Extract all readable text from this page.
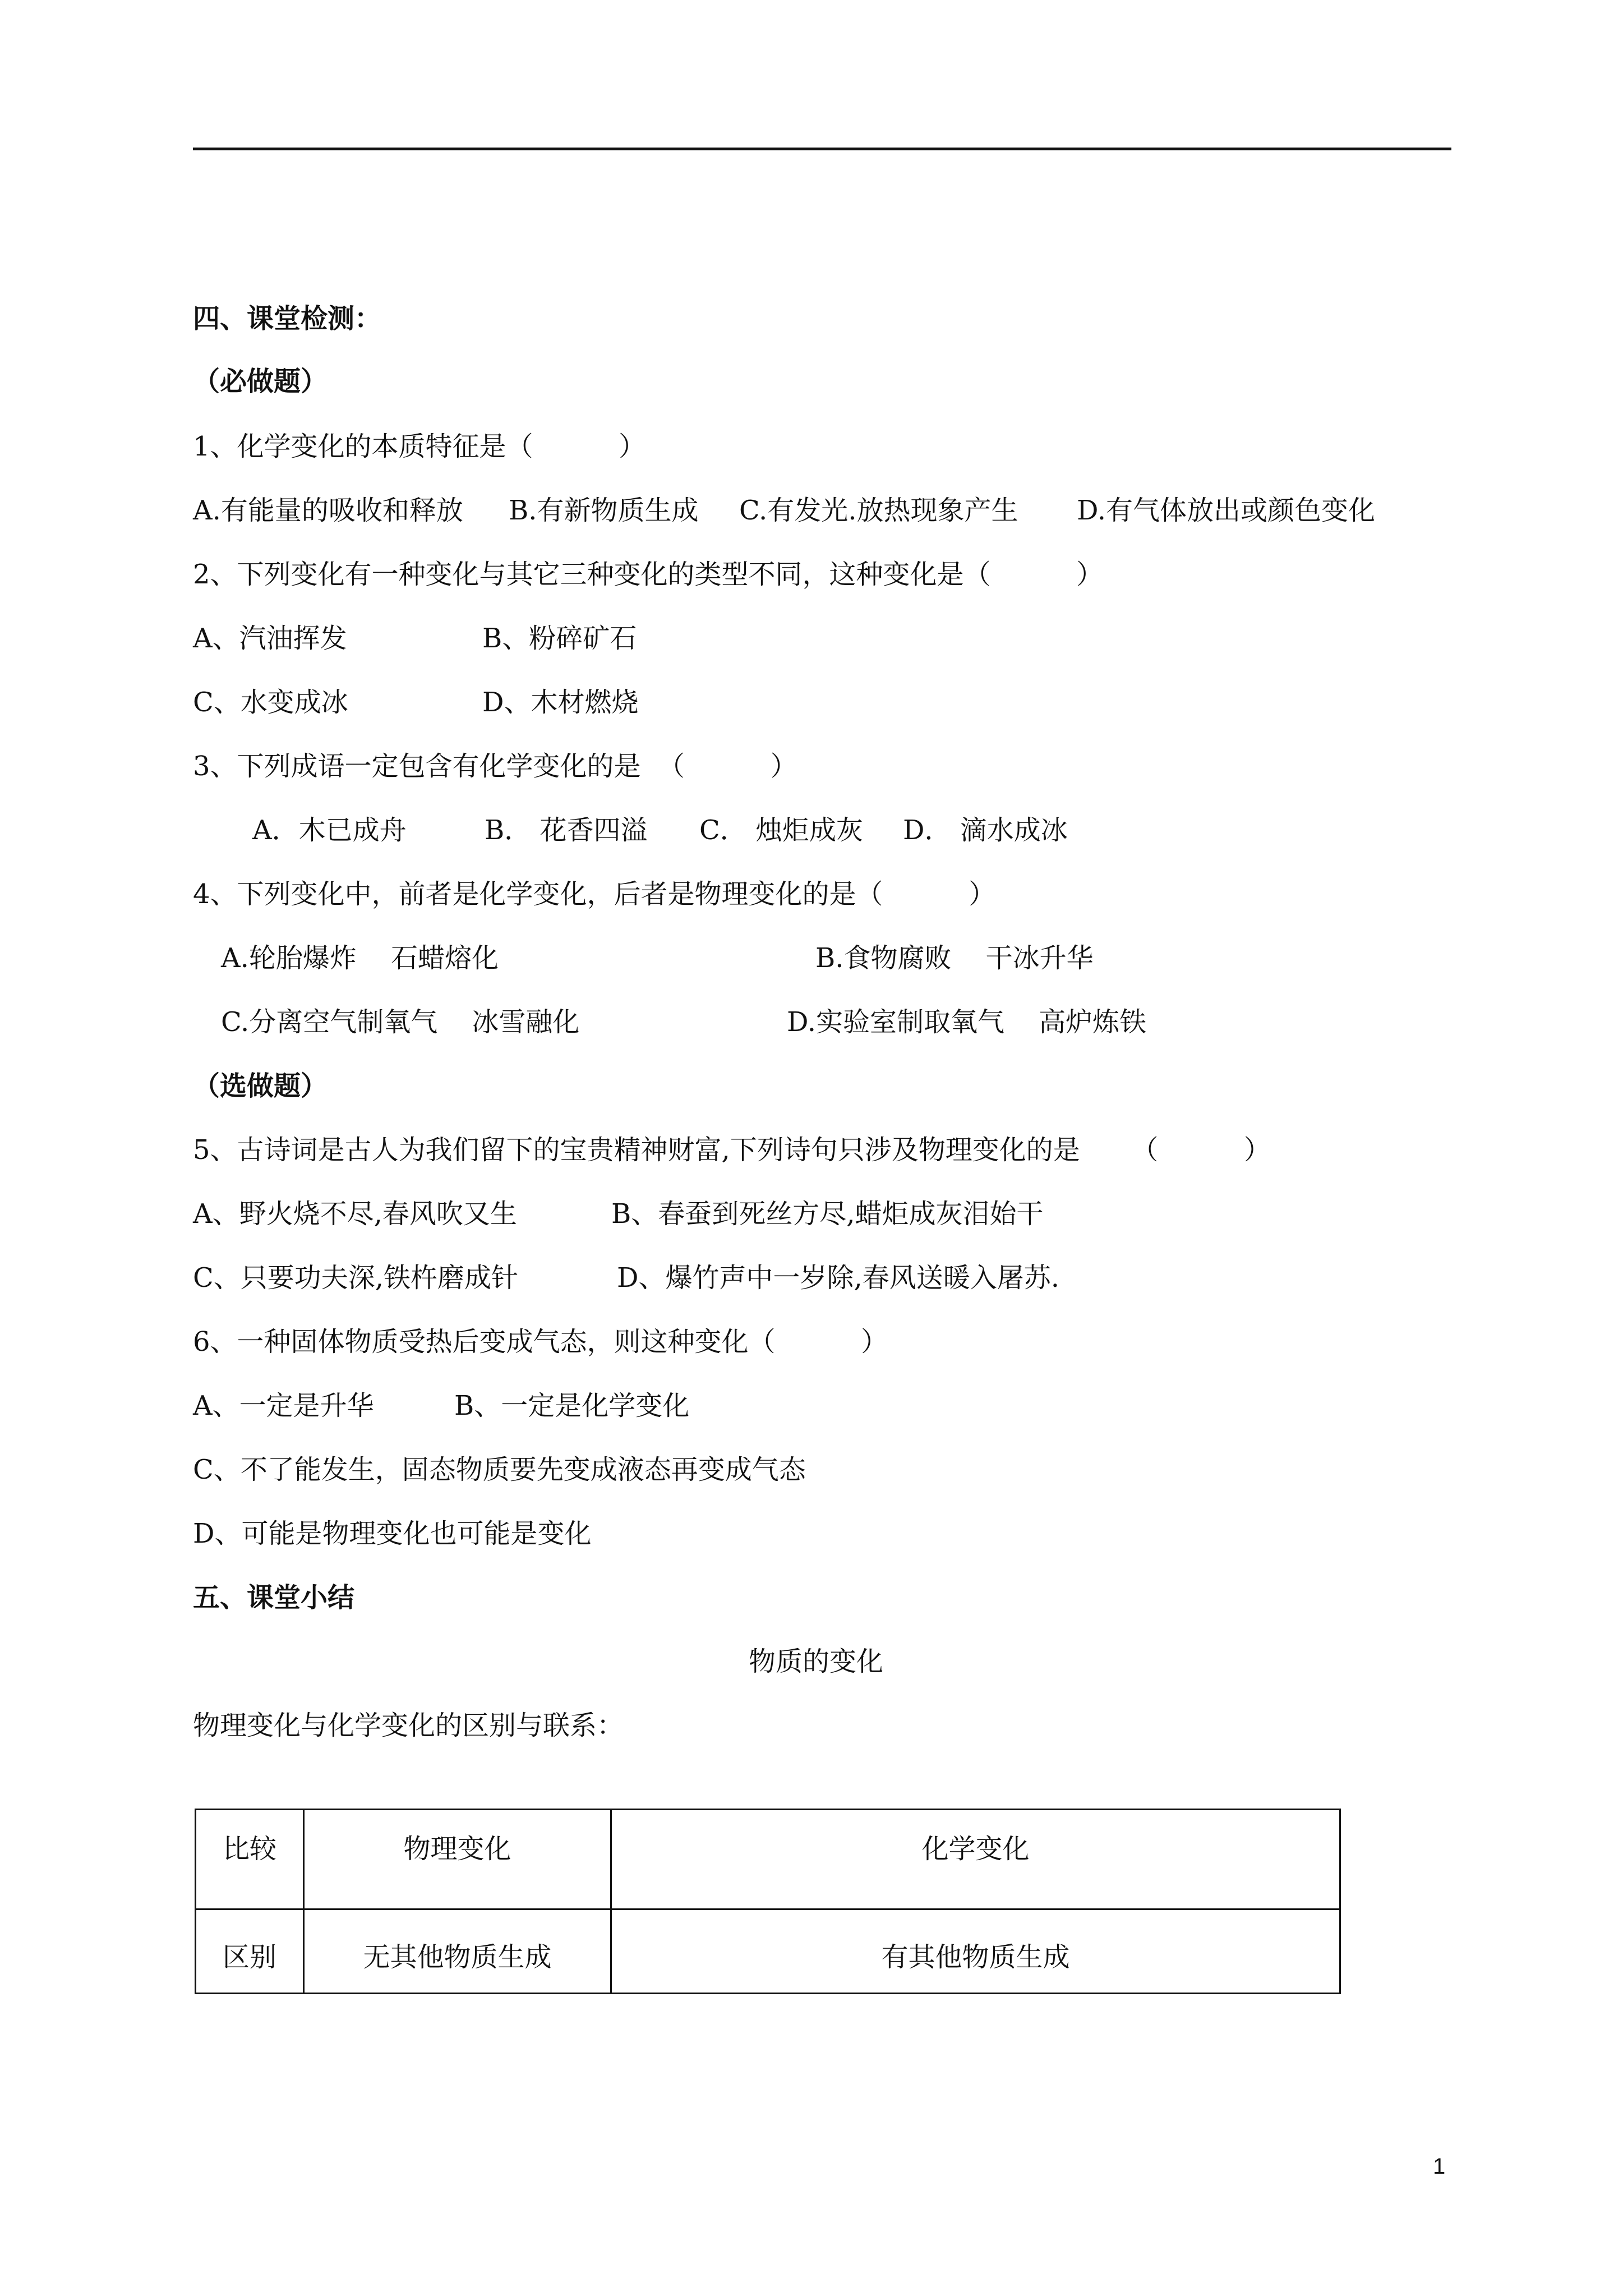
四、课堂检测：
（必做题）
1、化学变化的本质特征是（          ）
A.有能量的吸收和释放 B.有新物质生成 C.有发光.放热现象产生 D.有气体放出或颜色变化
2、下列变化有一种变化与其它三种变化的类型不同，这种变化是（          ）
A、汽油挥发	B、粉碎矿石
C、水变成冰	D、木材燃烧
3、下列成语一定包含有化学变化的是  （          ）
A．木已成舟	B． 花香四溢 C． 烛炬成灰 D． 滴水成冰
4、下列变化中，前者是化学变化，后者是物理变化的是（          ）
A.轮胎爆炸    石蜡熔化	B.食物腐败    干冰升华
C.分离空气制氧气    冰雪融化	D.实验室制取氧气    高炉炼铁
（选做题）
5、古诗词是古人为我们留下的宝贵精神财富,下列诗句只涉及物理变化的是      （          ）
A、野火烧不尽,春风吹又生	B、春蚕到死丝方尽,蜡炬成灰泪始干
C、只要功夫深,铁杵磨成针	D、爆竹声中一岁除,春风送暖入屠苏.
6、一种固体物质受热后变成气态，则这种变化（          ）
A、一定是升华	B、一定是化学变化
C、不了能发生，固态物质要先变成液态再变成气态
D、可能是物理变化也可能是变化
五、课堂小结
物质的变化
物理变化与化学变化的区别与联系：
比较	物理变化	化学变化
区别	无其他物质生成	有其他物质生成
1
